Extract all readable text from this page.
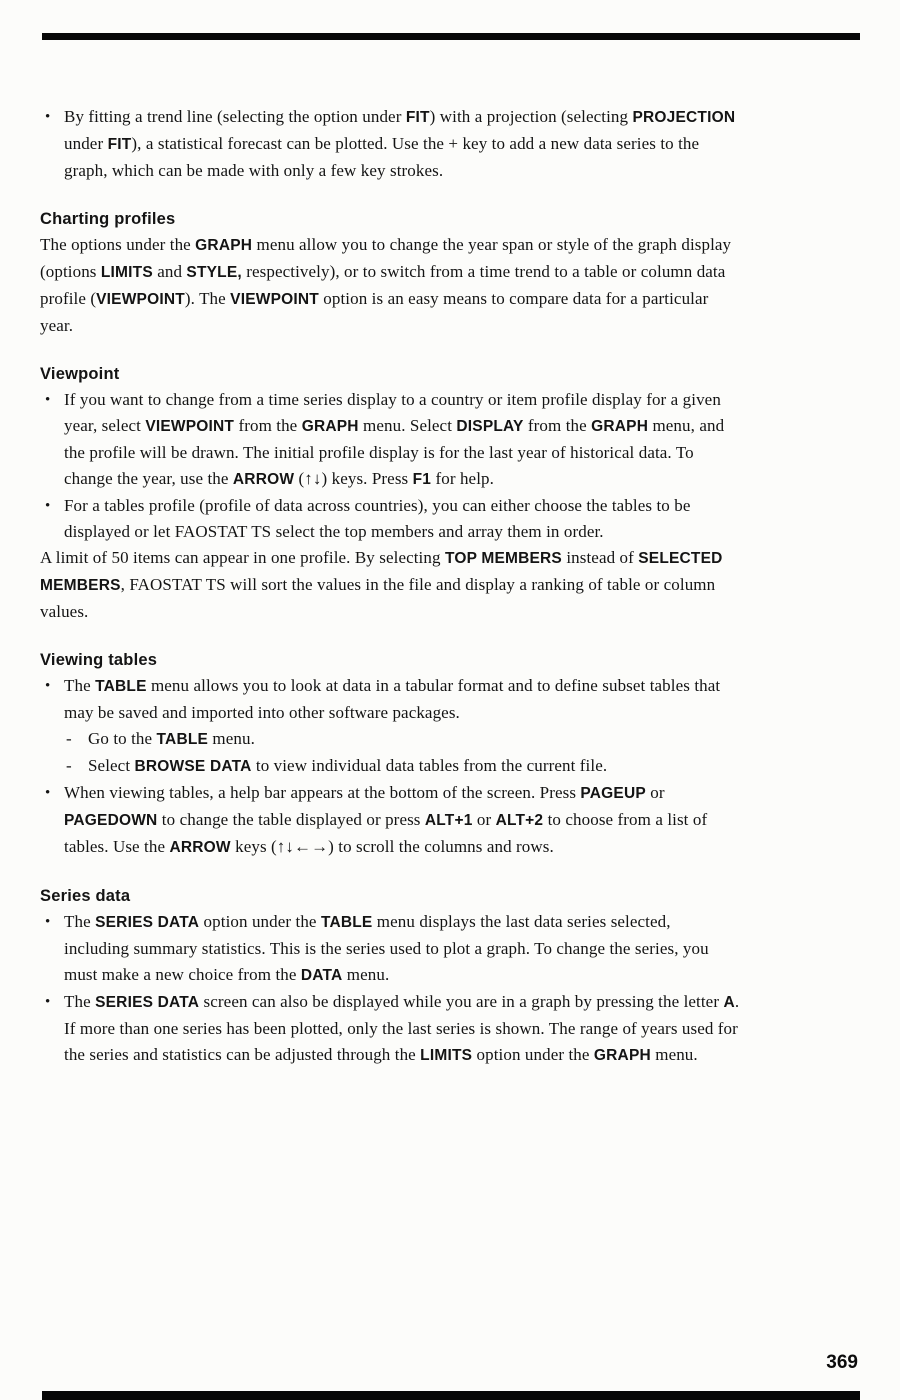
• By fitting a trend line (selecting the option under FIT) with a projection (selecting PROJECTION under FIT), a statistical forecast can be plotted. Use the + key to add a new data series to the graph, which can be made with only a few key strokes.
Charting profiles
The options under the GRAPH menu allow you to change the year span or style of the graph display (options LIMITS and STYLE, respectively), or to switch from a time trend to a table or column data profile (VIEWPOINT). The VIEWPOINT option is an easy means to compare data for a particular year.
Viewpoint
• If you want to change from a time series display to a country or item profile display for a given year, select VIEWPOINT from the GRAPH menu. Select DISPLAY from the GRAPH menu, and the profile will be drawn. The initial profile display is for the last year of historical data. To change the year, use the ARROW (↑↓) keys. Press F1 for help.
• For a tables profile (profile of data across countries), you can either choose the tables to be displayed or let FAOSTAT TS select the top members and array them in order.
A limit of 50 items can appear in one profile. By selecting TOP MEMBERS instead of SELECTED MEMBERS, FAOSTAT TS will sort the values in the file and display a ranking of table or column values.
Viewing tables
• The TABLE menu allows you to look at data in a tabular format and to define subset tables that may be saved and imported into other software packages.
- Go to the TABLE menu.
- Select BROWSE DATA to view individual data tables from the current file.
• When viewing tables, a help bar appears at the bottom of the screen. Press PAGEUP or PAGEDOWN to change the table displayed or press ALT+1 or ALT+2 to choose from a list of tables. Use the ARROW keys (↑↓←→) to scroll the columns and rows.
Series data
• The SERIES DATA option under the TABLE menu displays the last data series selected, including summary statistics. This is the series used to plot a graph. To change the series, you must make a new choice from the DATA menu.
• The SERIES DATA screen can also be displayed while you are in a graph by pressing the letter A. If more than one series has been plotted, only the last series is shown. The range of years used for the series and statistics can be adjusted through the LIMITS option under the GRAPH menu.
369
